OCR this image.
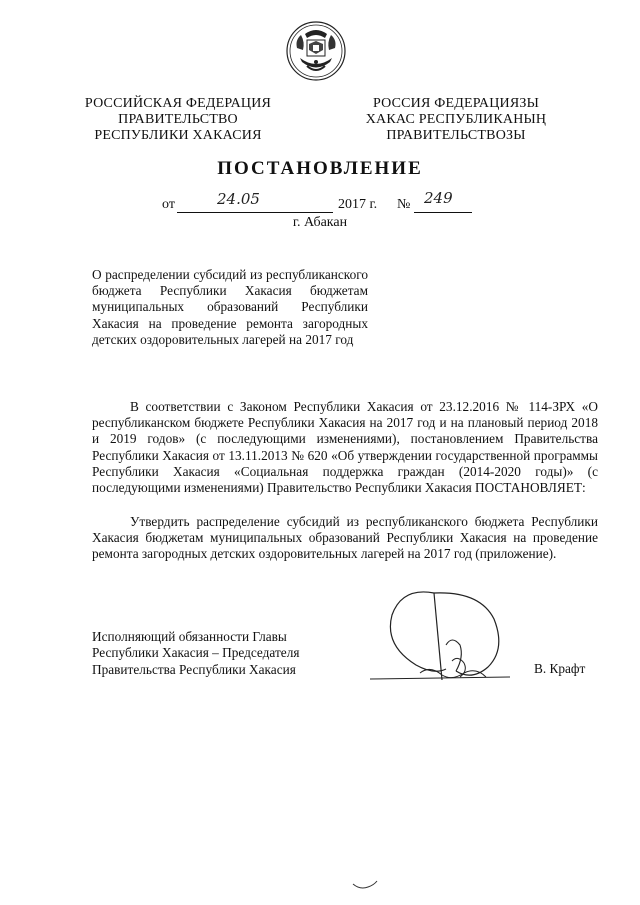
РОССИЙСКАЯ ФЕДЕРАЦИЯ
ПРАВИТЕЛЬСТВО
РЕСПУБЛИКИ ХАКАСИЯ
РОССИЯ ФЕДЕРАЦИЯЗЫ
ХАКАС РЕСПУБЛИКАНЫҢ
ПРАВИТЕЛЬСТВОЗЫ
ПОСТАНОВЛЕНИЕ
от	24.05	2017 г. № 249
г. Абакан
О распределении субсидий из республиканского бюджета Республики Хакасия бюджетам муниципальных образований Республики Хакасия на проведение ремонта загородных детских оздоровительных лагерей на 2017 год
В соответствии с Законом Республики Хакасия от 23.12.2016 № 114-ЗРХ «О республиканском бюджете Республики Хакасия на 2017 год и на плановый период 2018 и 2019 годов» (с последующими изменениями), постановлением Правительства Республики Хакасия от 13.11.2013 № 620 «Об утверждении государственной программы Республики Хакасия «Социальная поддержка граждан (2014-2020 годы)» (с последующими изменениями) Правительство Республики Хакасия ПОСТАНОВЛЯЕТ:
Утвердить распределение субсидий из республиканского бюджета Республики Хакасия бюджетам муниципальных образований Республики Хакасия на проведение ремонта загородных детских оздоровительных лагерей на 2017 год (приложение).
Исполняющий обязанности Главы
Республики Хакасия – Председателя
Правительства Республики Хакасия	В. Крафт
